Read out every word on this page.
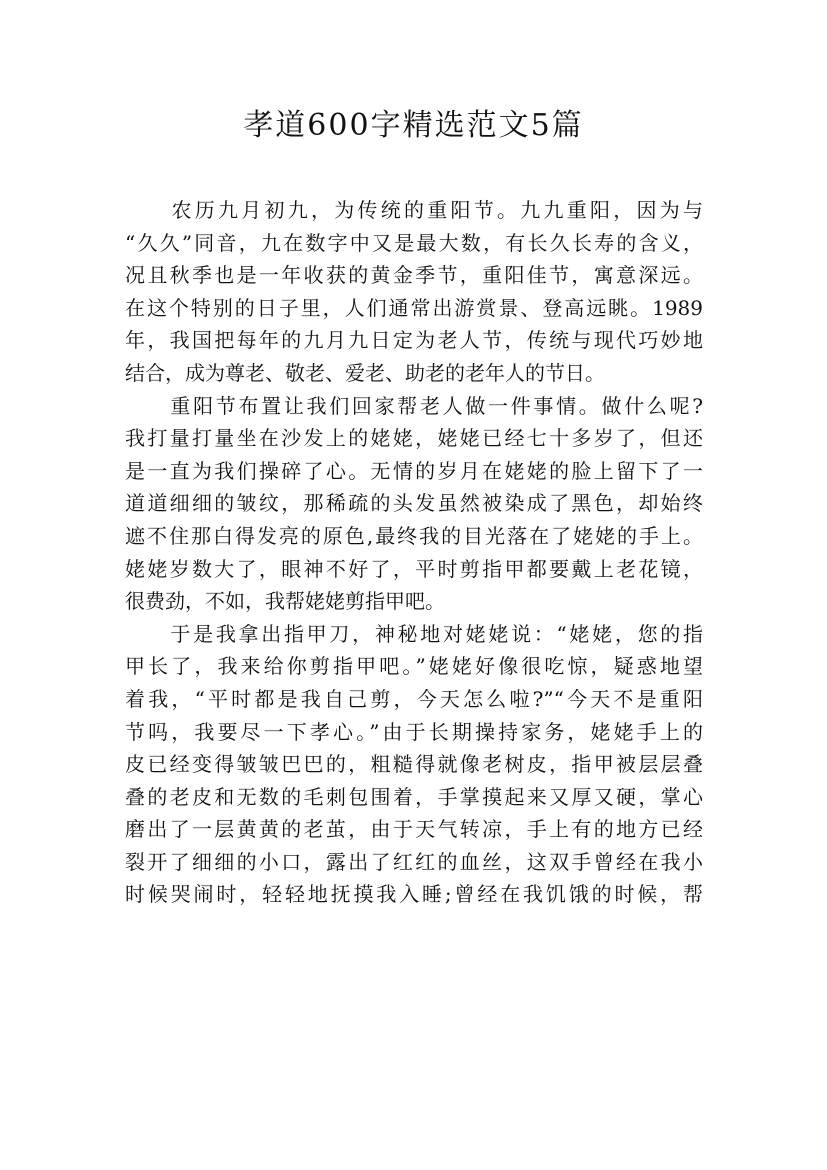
孝道600字精选范文5篇

　　农历九月初九，为传统的重阳节。九九重阳，因为与
“久久”同音，九在数字中又是最大数，有长久长寿的含义，
况且秋季也是一年收获的黄金季节，重阳佳节，寓意深远。
在这个特别的日子里，人们通常出游赏景、登高远眺。1989
年，我国把每年的九月九日定为老人节，传统与现代巧妙地
结合，成为尊老、敬老、爱老、助老的老年人的节日。

　　重阳节布置让我们回家帮老人做一件事情。做什么呢?
我打量打量坐在沙发上的姥姥，姥姥已经七十多岁了，但还
是一直为我们操碎了心。无情的岁月在姥姥的脸上留下了一
道道细细的皱纹，那稀疏的头发虽然被染成了黑色，却始终
遮不住那白得发亮的原色,最终我的目光落在了姥姥的手上。
姥姥岁数大了，眼神不好了，平时剪指甲都要戴上老花镜，
很费劲，不如，我帮姥姥剪指甲吧。

　　于是我拿出指甲刀，神秘地对姥姥说：“姥姥，您的指
甲长了，我来给你剪指甲吧。”姥姥好像很吃惊，疑惑地望
着我，“平时都是我自己剪，今天怎么啦?”“今天不是重阳
节吗，我要尽一下孝心。”由于长期操持家务，姥姥手上的
皮已经变得皱皱巴巴的，粗糙得就像老树皮，指甲被层层叠
叠的老皮和无数的毛刺包围着，手掌摸起来又厚又硬，掌心
磨出了一层黄黄的老茧，由于天气转凉，手上有的地方已经
裂开了细细的小口，露出了红红的血丝，这双手曾经在我小
时候哭闹时，轻轻地抚摸我入睡;曾经在我饥饿的时候，帮
